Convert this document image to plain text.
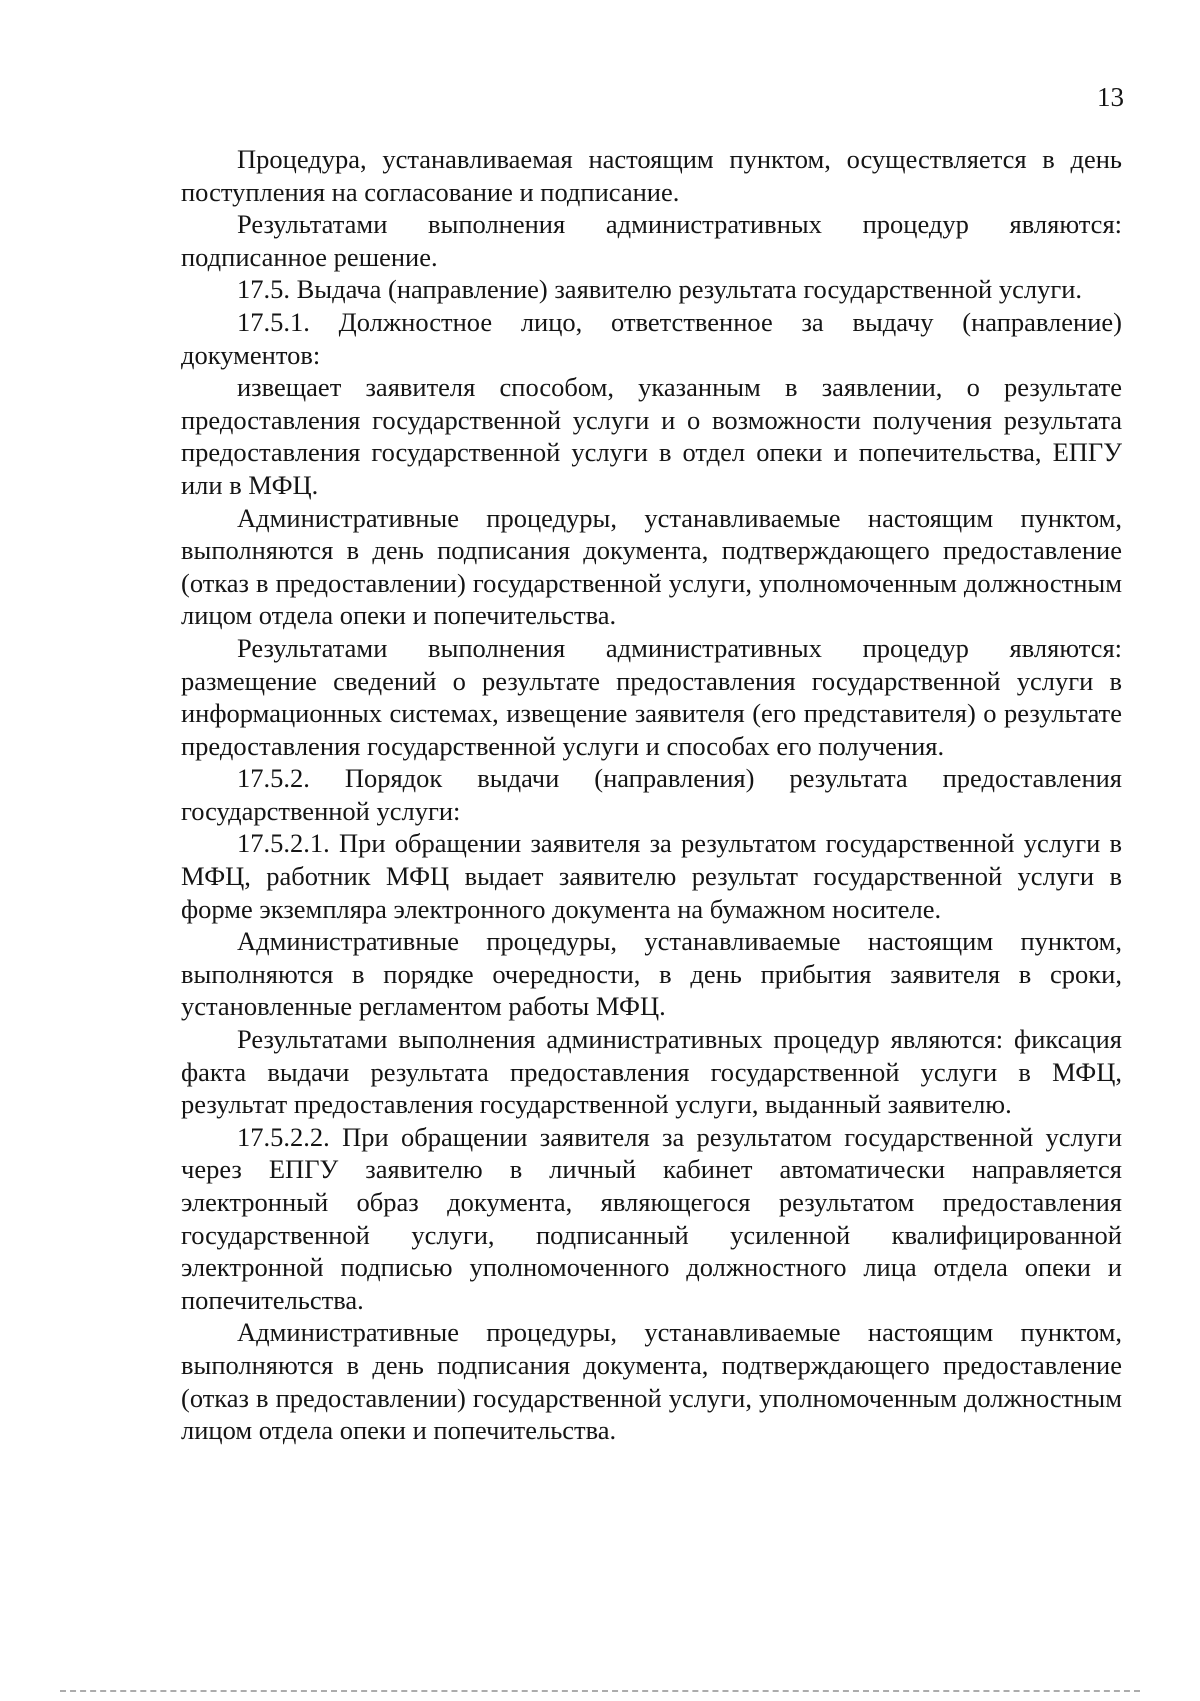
13

Процедура, устанавливаемая настоящим пунктом, осуществляется в день поступления на согласование и подписание.

Результатами выполнения административных процедур являются: подписанное решение.

17.5. Выдача (направление) заявителю результата государственной услуги.

17.5.1. Должностное лицо, ответственное за выдачу (направление) документов:

извещает заявителя способом, указанным в заявлении, о результате предоставления государственной услуги и о возможности получения результата предоставления государственной услуги в отдел опеки и попечительства, ЕПГУ или в МФЦ.

Административные процедуры, устанавливаемые настоящим пунктом, выполняются в день подписания документа, подтверждающего предоставление (отказ в предоставлении) государственной услуги, уполномоченным должностным лицом отдела опеки и попечительства.

Результатами выполнения административных процедур являются: размещение сведений о результате предоставления государственной услуги в информационных системах, извещение заявителя (его представителя) о результате предоставления государственной услуги и способах его получения.

17.5.2. Порядок выдачи (направления) результата предоставления государственной услуги:

17.5.2.1. При обращении заявителя за результатом государственной услуги в МФЦ, работник МФЦ выдает заявителю результат государственной услуги в форме экземпляра электронного документа на бумажном носителе.

Административные процедуры, устанавливаемые настоящим пунктом, выполняются в порядке очередности, в день прибытия заявителя в сроки, установленные регламентом работы МФЦ.

Результатами выполнения административных процедур являются: фиксация факта выдачи результата предоставления государственной услуги в МФЦ, результат предоставления государственной услуги, выданный заявителю.

17.5.2.2. При обращении заявителя за результатом государственной услуги через ЕПГУ заявителю в личный кабинет автоматически направляется электронный образ документа, являющегося результатом предоставления государственной услуги, подписанный усиленной квалифицированной электронной подписью уполномоченного должностного лица отдела опеки и попечительства.

Административные процедуры, устанавливаемые настоящим пунктом, выполняются в день подписания документа, подтверждающего предоставление (отказ в предоставлении) государственной услуги, уполномоченным должностным лицом отдела опеки и попечительства.
